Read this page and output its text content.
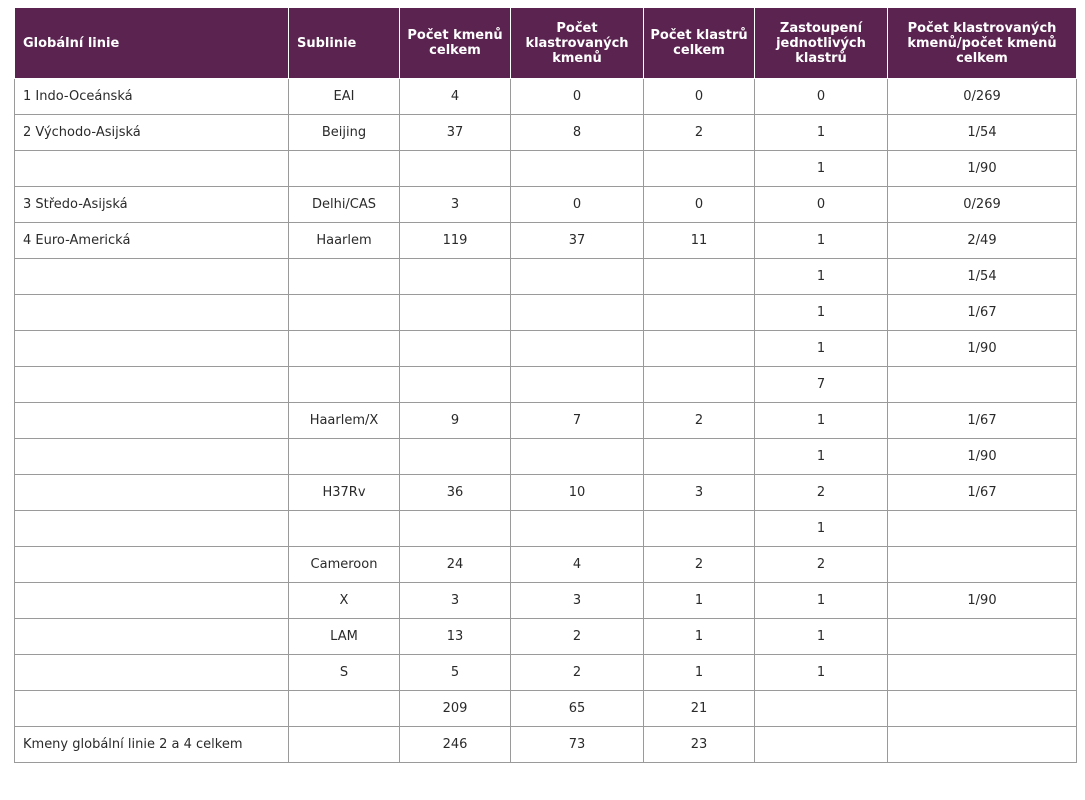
Globální linie	Sublinie	Počet kmenů celkem	Počet klastrovaných kmenů	Počet klastrů celkem	Zastoupení jednotlivých klastrů	Počet klastrovaných kmenů/počet kmenů celkem
1 Indo-Oceánská	EAI	4	0	0	0	0/269
2 Východo-Asijská	Beijing	37	8	2	1	1/54
					1	1/90
3 Středo-Asijská	Delhi/CAS	3	0	0	0	0/269
4 Euro-Americká	Haarlem	119	37	11	1	2/49
					1	1/54
					1	1/67
					1	1/90
					7	
	Haarlem/X	9	7	2	1	1/67
					1	1/90
	H37Rv	36	10	3	2	1/67
					1	
	Cameroon	24	4	2	2	
	X	3	3	1	1	1/90
	LAM	13	2	1	1	
	S	5	2	1	1	
		209	65	21		
Kmeny globální linie 2 a 4 celkem		246	73	23		
